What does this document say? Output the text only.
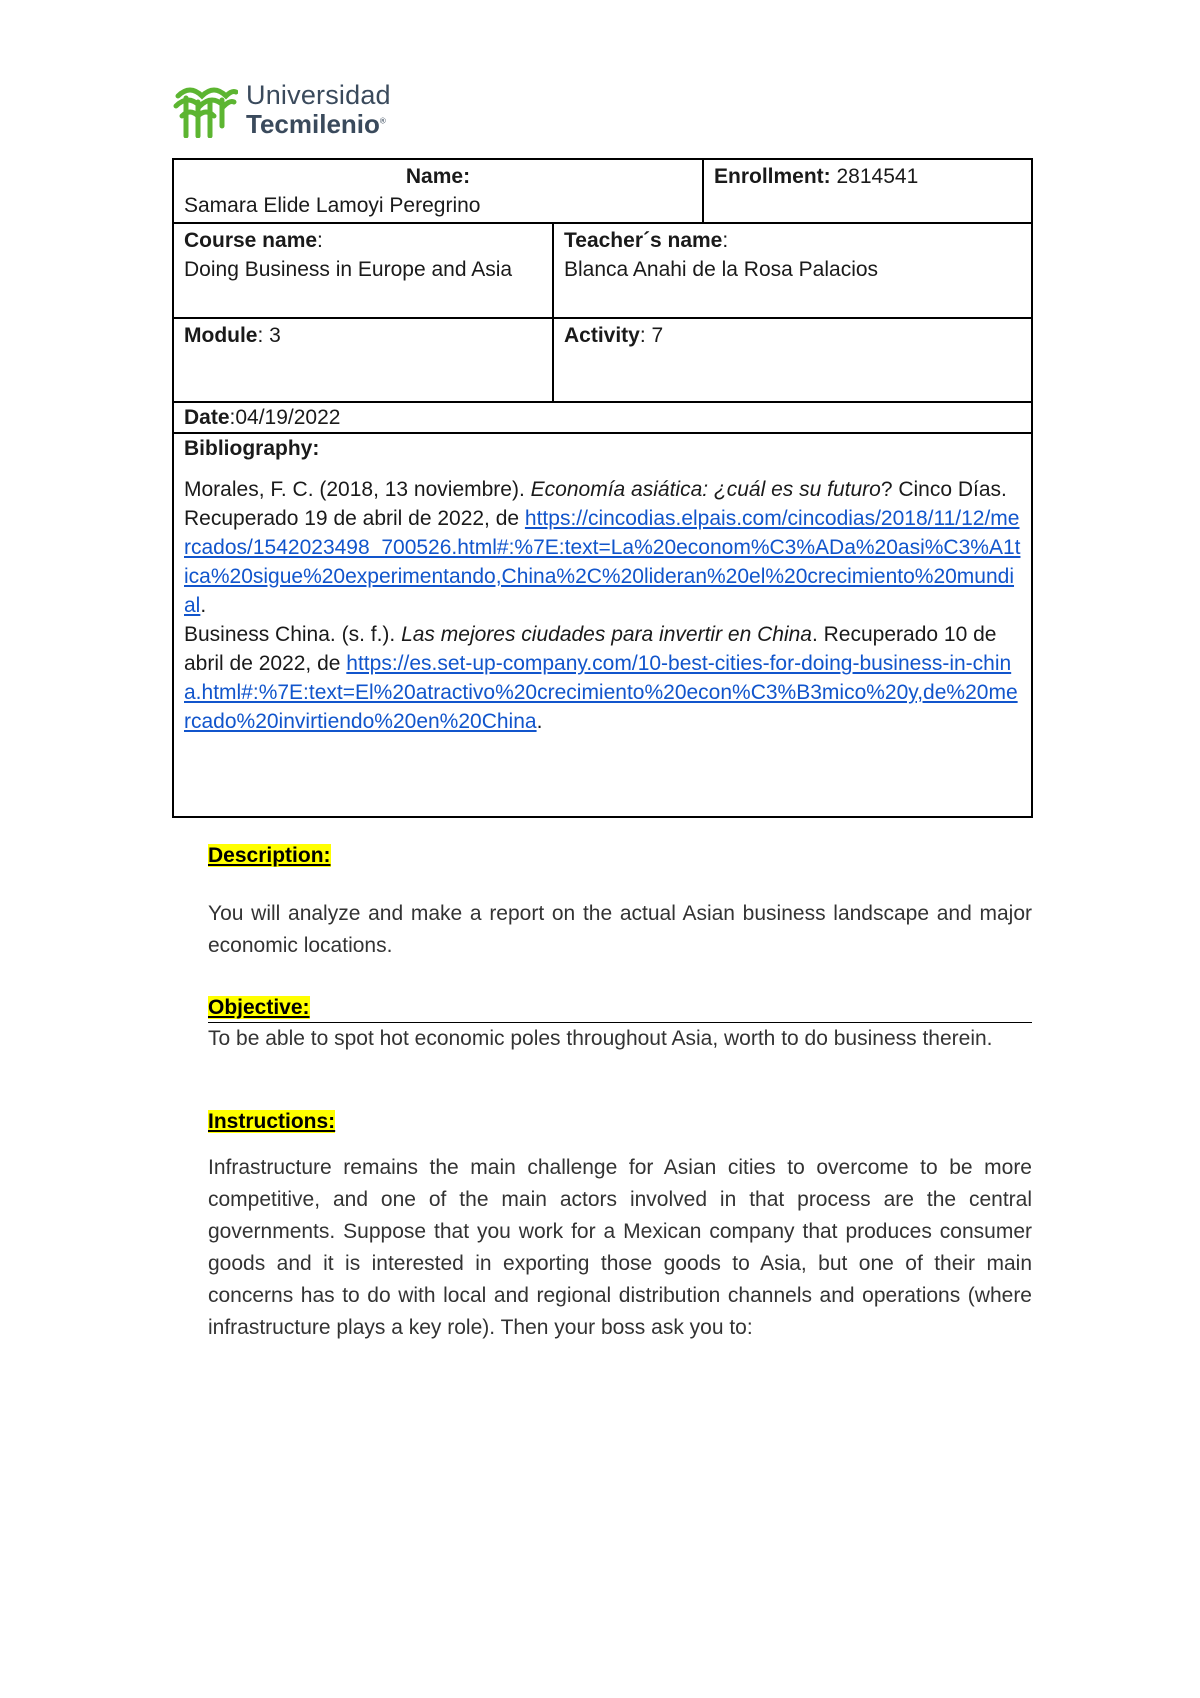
Universidad
Tecmilenio®
Name:
Samara Elide Lamoyi Peregrino
Enrollment: 2814541
Course name:
Doing Business in Europe and Asia
Teacher´s name:
Blanca Anahi de la Rosa Palacios
Module: 3	Activity: 7
Date:04/19/2022
Bibliography:
Morales, F. C. (2018, 13 noviembre). Economía asiática: ¿cuál es su futuro? Cinco Días. Recuperado 19 de abril de 2022, de https://cincodias.elpais.com/cincodias/2018/11/12/mercados/1542023498_700526.html#:%7E:text=La%20econom%C3%ADa%20asi%C3%A1tica%20sigue%20experimentando,China%2C%20lideran%20el%20crecimiento%20mundial.
Business China. (s. f.). Las mejores ciudades para invertir en China. Recuperado 10 de abril de 2022, de https://es.set-up-company.com/10-best-cities-for-doing-business-in-china.html#:%7E:text=El%20atractivo%20crecimiento%20econ%C3%B3mico%20y,de%20mercado%20invirtiendo%20en%20China.
Description:
You will analyze and make a report on the actual Asian business landscape and major economic locations.
Objective:
To be able to spot hot economic poles throughout Asia, worth to do business therein.
Instructions:
Infrastructure remains the main challenge for Asian cities to overcome to be more competitive, and one of the main actors involved in that process are the central governments. Suppose that you work for a Mexican company that produces consumer goods and it is interested in exporting those goods to Asia, but one of their main concerns has to do with local and regional distribution channels and operations (where infrastructure plays a key role). Then your boss ask you to:
